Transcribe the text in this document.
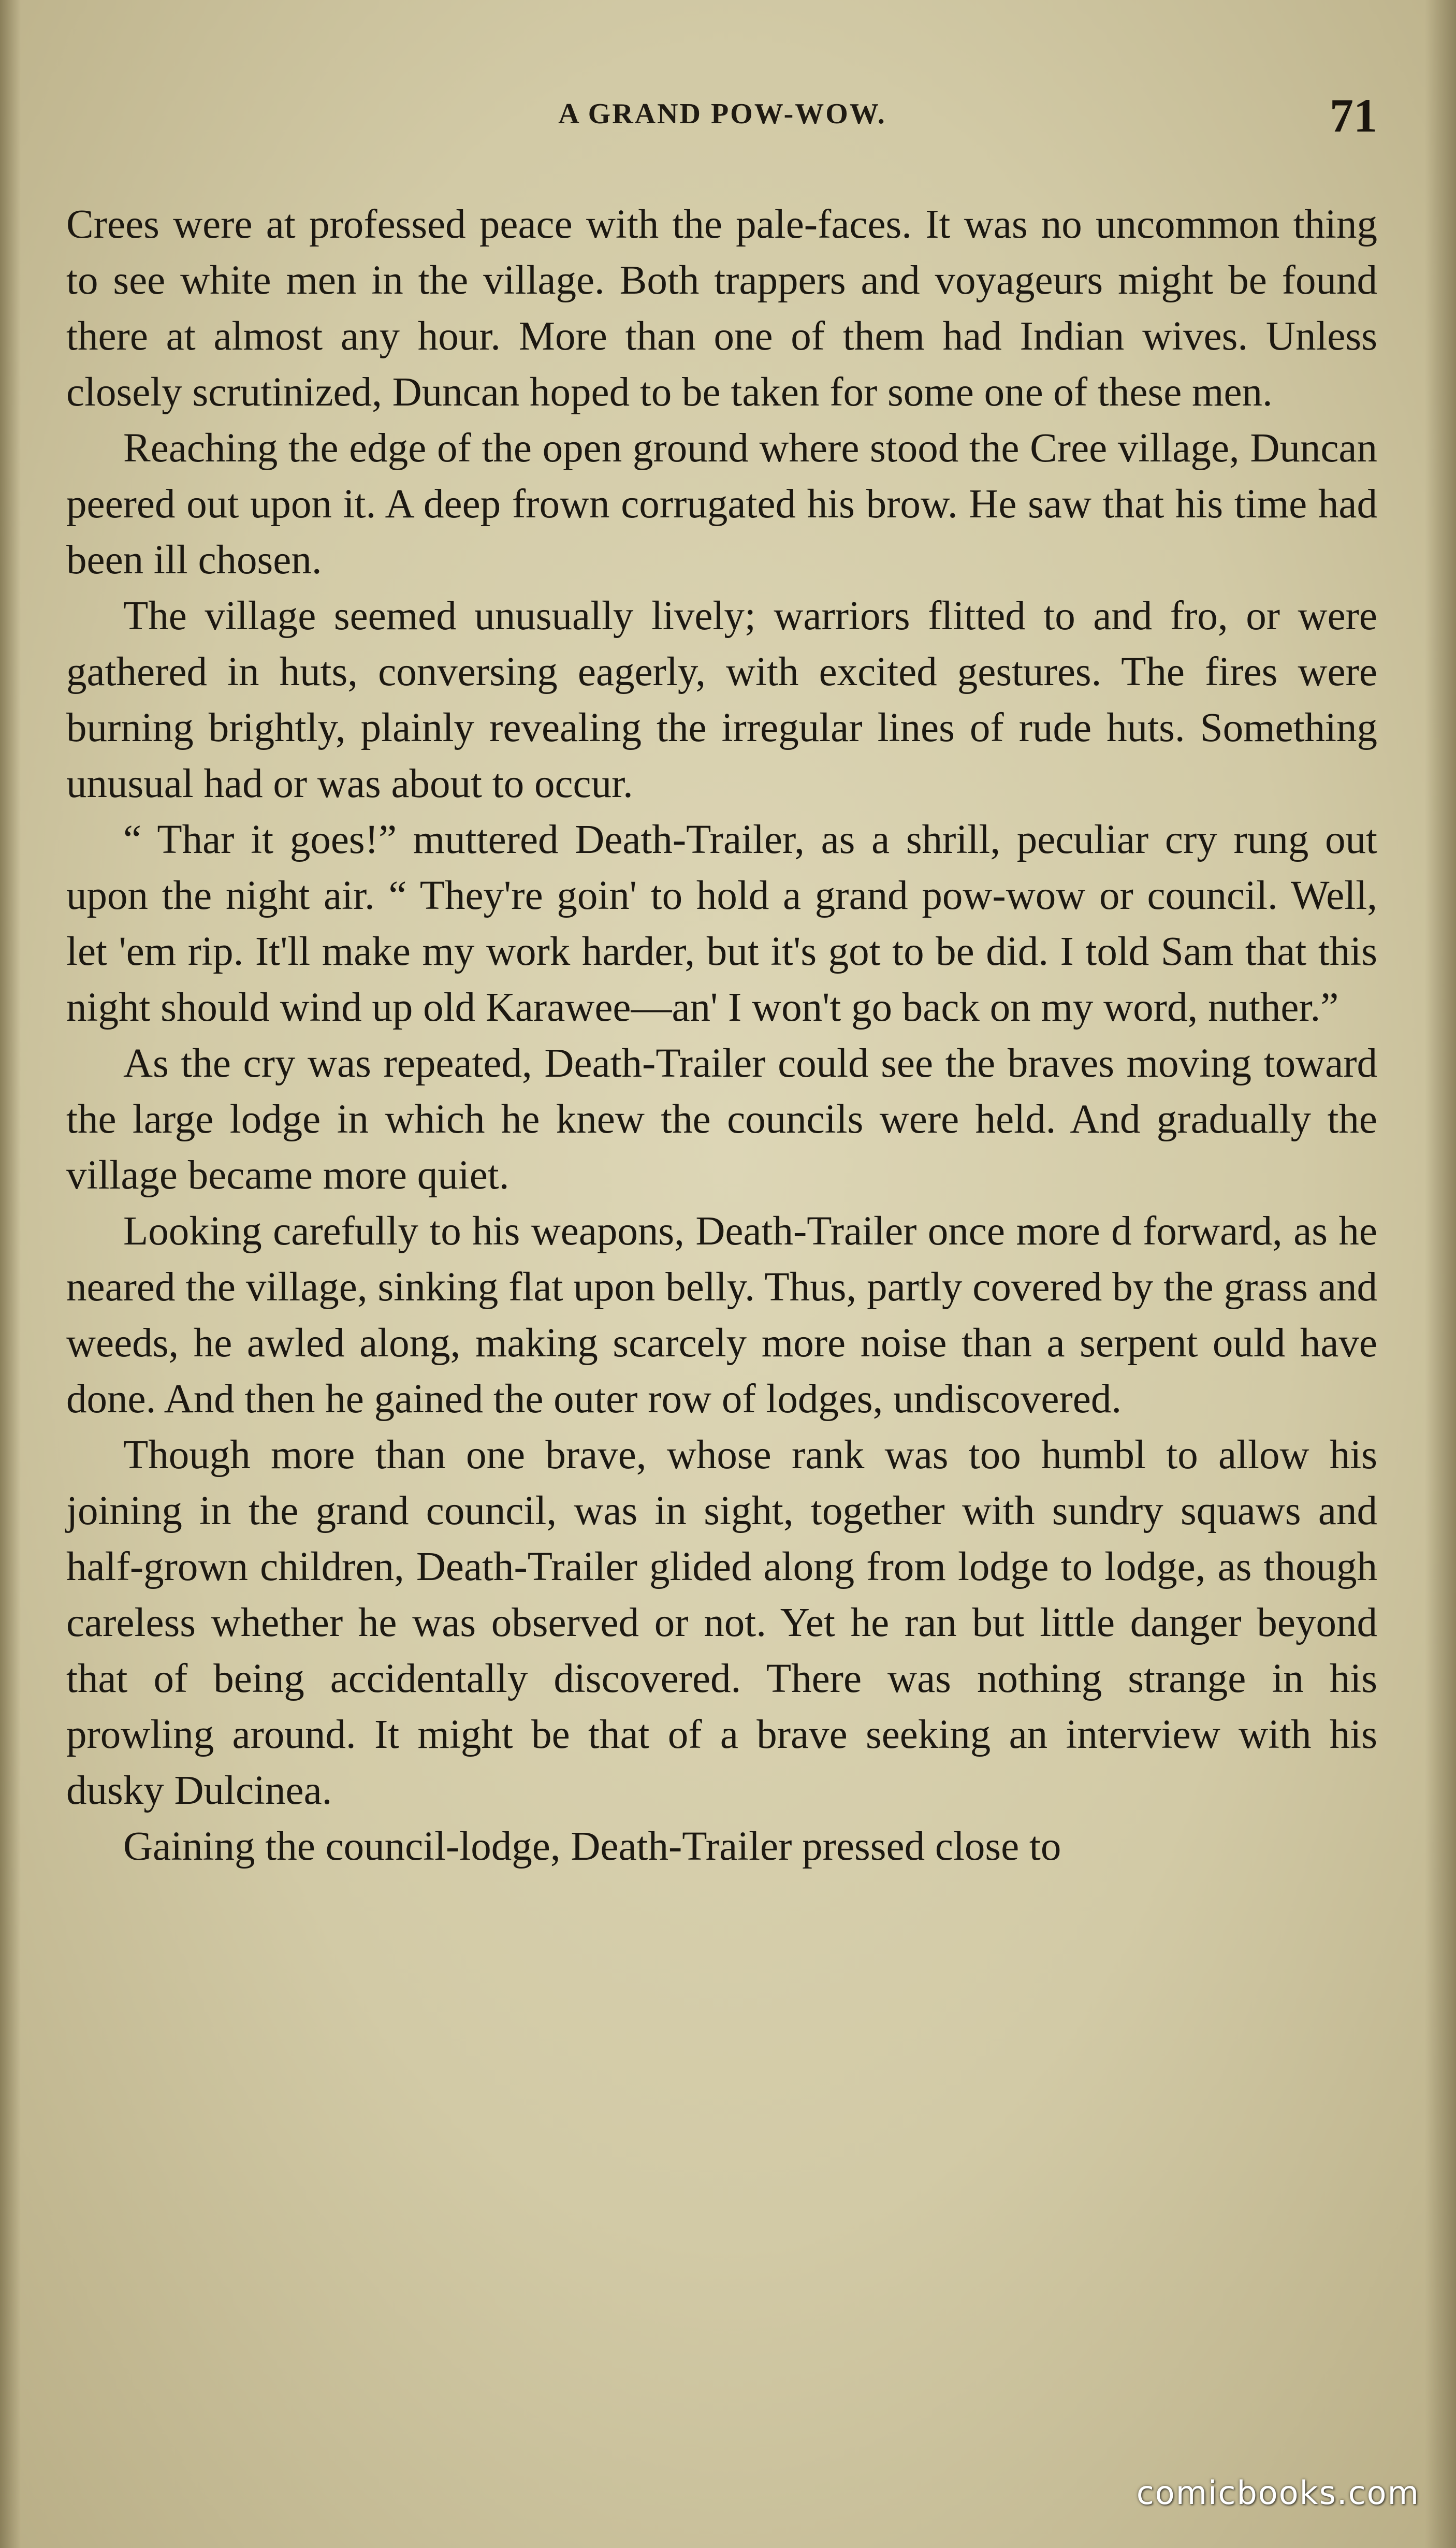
A GRAND POW-WOW.	71

Crees were at professed peace with the pale-faces. It was no uncommon thing to see white men in the village. Both trappers and voyageurs might be found there at almost any hour. More than one of them had Indian wives. Unless closely scrutinized, Duncan hoped to be taken for some one of these men.

Reaching the edge of the open ground where stood the Cree village, Duncan peered out upon it. A deep frown corrugated his brow. He saw that his time had been ill chosen.

The village seemed unusually lively; warriors flitted to and fro, or were gathered in huts, conversing eagerly, with excited gestures. The fires were burning brightly, plainly revealing the irregular lines of rude huts. Something unusual had or was about to occur.

“ Thar it goes!” muttered Death-Trailer, as a shrill, peculiar cry rung out upon the night air. “ They're goin' to hold a grand pow-wow or council. Well, let 'em rip. It'll make my work harder, but it's got to be did. I told Sam that this night should wind up old Karawee—an' I won't go back on my word, nuther.”

As the cry was repeated, Death-Trailer could see the braves moving toward the large lodge in which he knew the councils were held. And gradually the village became more quiet.

Looking carefully to his weapons, Death-Trailer once more d forward, as he neared the village, sinking flat upon belly. Thus, partly covered by the grass and weeds, he awled along, making scarcely more noise than a serpent ould have done. And then he gained the outer row of lodges, undiscovered.

Though more than one brave, whose rank was too humbl to allow his joining in the grand council, was in sight, together with sundry squaws and half-grown children, Death-Trailer glided along from lodge to lodge, as though careless whether he was observed or not. Yet he ran but little danger beyond that of being accidentally discovered. There was nothing strange in his prowling around. It might be that of a brave seeking an interview with his dusky Dulcinea.

Gaining the council-lodge, Death-Trailer pressed close to

comicbooks.com
